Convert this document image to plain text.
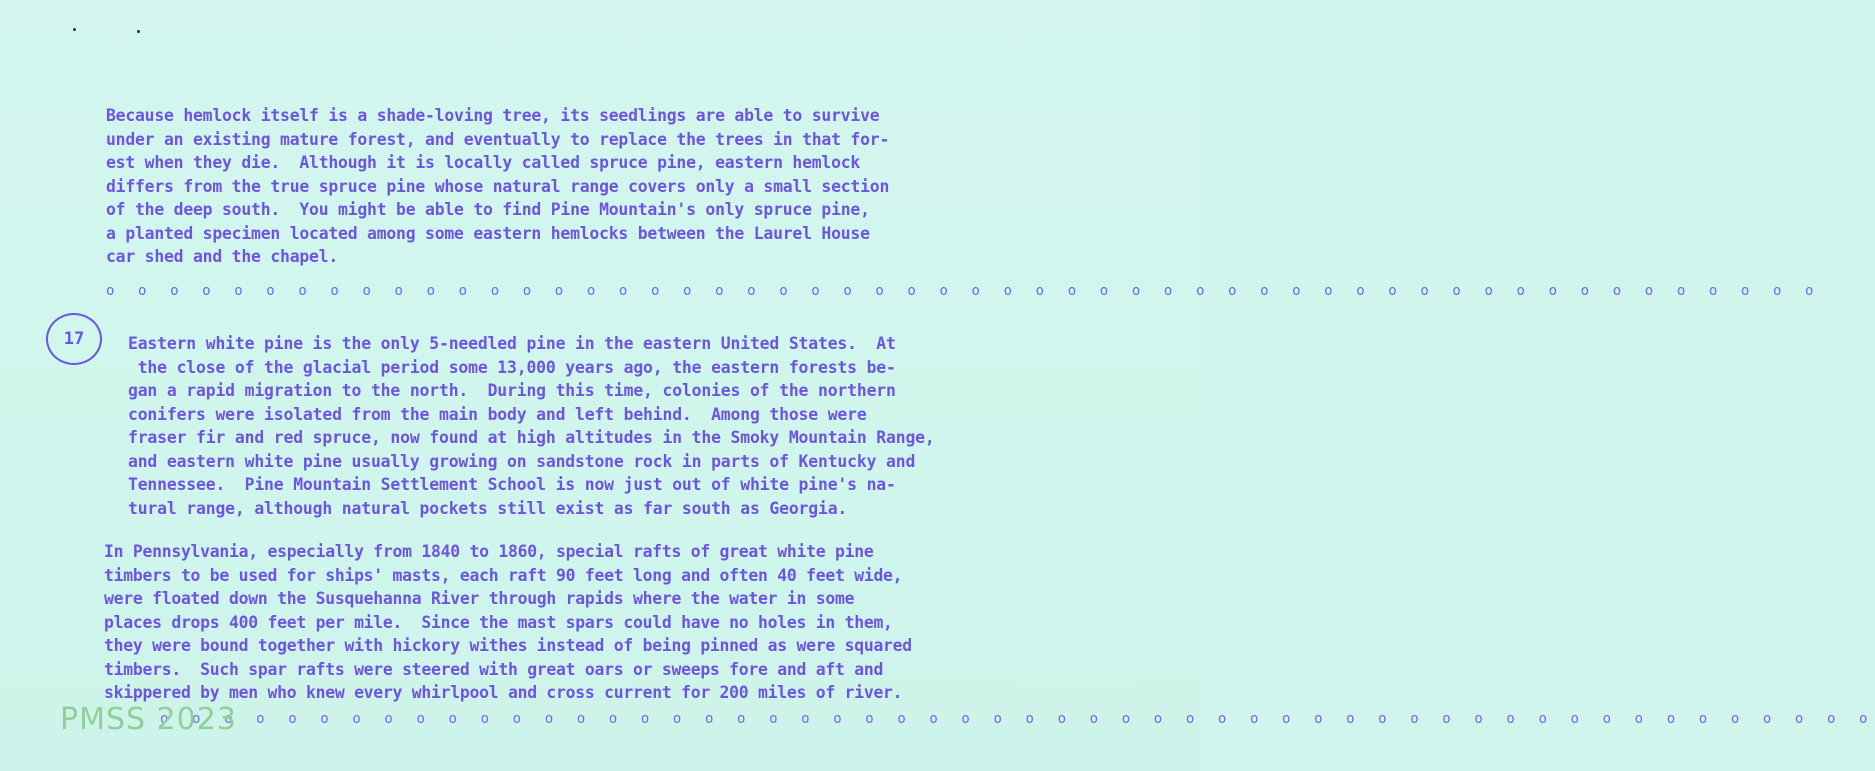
Because hemlock itself is a shade-loving tree, its seedlings are able to survive
under an existing mature forest, and eventually to replace the trees in that for-
est when they die.  Although it is locally called spruce pine, eastern hemlock
differs from the true spruce pine whose natural range covers only a small section
of the deep south.  You might be able to find Pine Mountain's only spruce pine,
a planted specimen located among some eastern hemlocks between the Laurel House
car shed and the chapel.

o o o o o o o o o o o o o o o o o o o o o o o o o o o o o o o o o o o o o o o o o o o o o o o o o o o o o o
17	Eastern white pine is the only 5-needled pine in the eastern United States.  At
the close of the glacial period some 13,000 years ago, the eastern forests be-
gan a rapid migration to the north.  During this time, colonies of the northern
conifers were isolated from the main body and left behind.  Among those were
fraser fir and red spruce, now found at high altitudes in the Smoky Mountain Range,
and eastern white pine usually growing on sandstone rock in parts of Kentucky and
Tennessee.  Pine Mountain Settlement School is now just out of white pine's na-
tural range, although natural pockets still exist as far south as Georgia.

In Pennsylvania, especially from 1840 to 1860, special rafts of great white pine
timbers to be used for ships' masts, each raft 90 feet long and often 40 feet wide,
were floated down the Susquehanna River through rapids where the water in some
places drops 400 feet per mile.  Since the mast spars could have no holes in them,
they were bound together with hickory withes instead of being pinned as were squared
timbers.  Such spar rafts were steered with great oars or sweeps fore and aft and
skippered by men who knew every whirlpool and cross current for 200 miles of river.

o o o o o o o o o o o o o o o o o o o o o o o o o o o o o o o o o o o o o o o o o o o o o o o o o o o o o o
PMSS 2023
